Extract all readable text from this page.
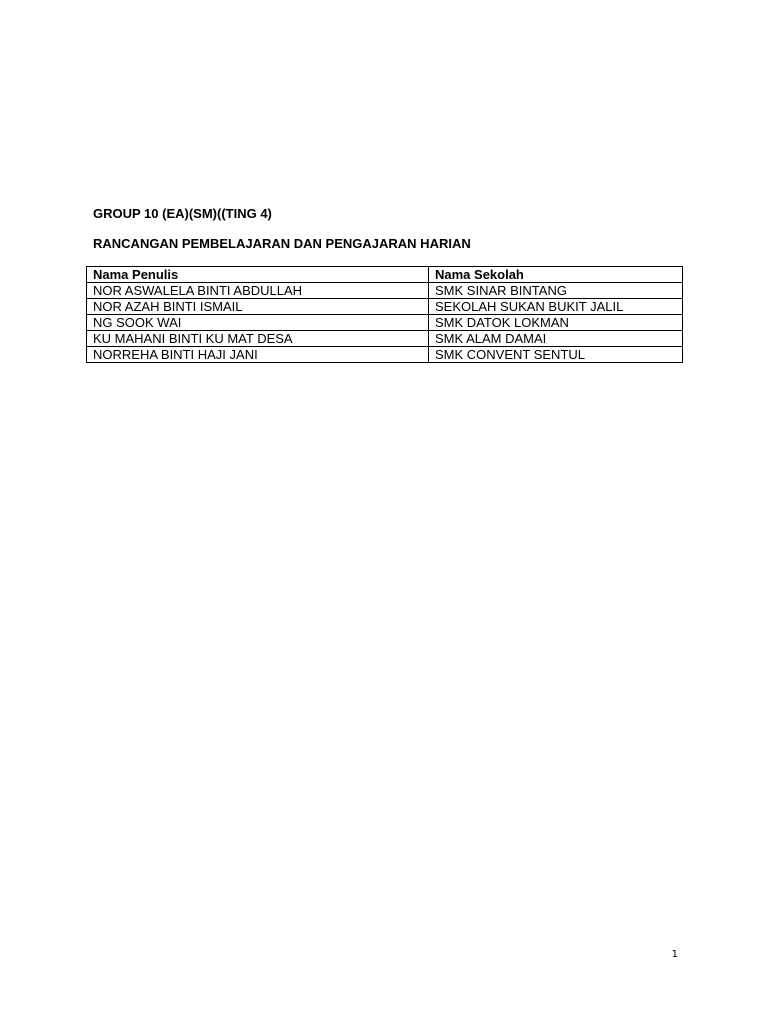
GROUP 10 (EA)(SM)((TING 4)

RANCANGAN PEMBELAJARAN DAN PENGAJARAN HARIAN

Nama Penulis	Nama Sekolah
NOR ASWALELA BINTI ABDULLAH	SMK SINAR BINTANG
NOR AZAH BINTI ISMAIL	SEKOLAH SUKAN BUKIT JALIL
NG SOOK WAI	SMK DATOK LOKMAN
KU MAHANI BINTI KU MAT DESA	SMK ALAM DAMAI
NORREHA BINTI HAJI JANI	SMK CONVENT SENTUL
1
